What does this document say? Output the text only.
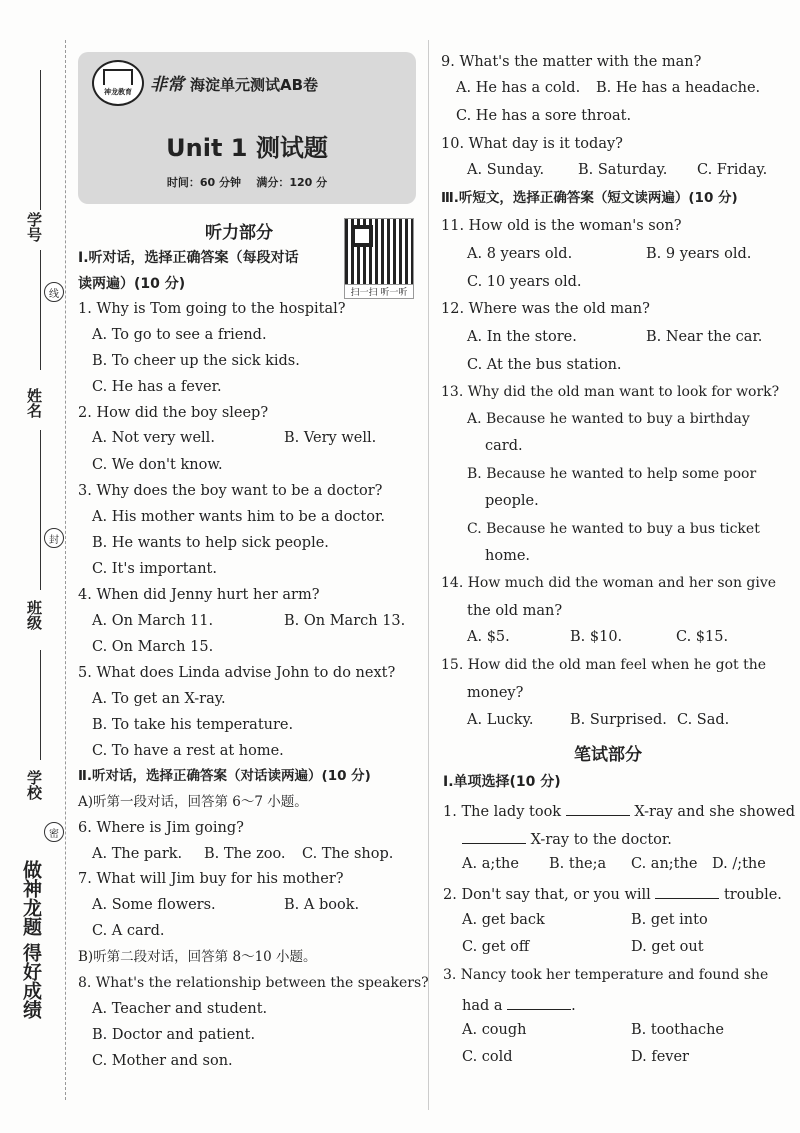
学号
线
姓名
封
班级
学校
密
做神龙题 得好成绩
神龙教育 非常 海淀单元测试AB卷
Unit 1 测试题
时间：60 分钟 满分：120 分
扫一扫 听一听
听力部分
Ⅰ.听对话，选择正确答案（每段对话
读两遍）(10 分)
1. Why is Tom going to the hospital?
A. To go to see a friend.
B. To cheer up the sick kids.
C. He has a fever.
2. How did the boy sleep?
A. Not very well.	B. Very well.
C. We don't know.
3. Why does the boy want to be a doctor?
A. His mother wants him to be a doctor.
B. He wants to help sick people.
C. It's important.
4. When did Jenny hurt her arm?
A. On March 11.	B. On March 13.
C. On March 15.
5. What does Linda advise John to do next?
A. To get an X-ray.
B. To take his temperature.
C. To have a rest at home.
Ⅱ.听对话，选择正确答案（对话读两遍）(10 分)
A)听第一段对话，回答第 6～7 小题。
6. Where is Jim going?
A. The park. B. The zoo. C. The shop.
7. What will Jim buy for his mother?
A. Some flowers.	B. A book.
C. A card.
B)听第二段对话，回答第 8～10 小题。
8. What's the relationship between the speakers?
A. Teacher and student.
B. Doctor and patient.
C. Mother and son.
9. What's the matter with the man?
A. He has a cold. B. He has a headache.
C. He has a sore throat.
10. What day is it today?
A. Sunday. B. Saturday. C. Friday.
Ⅲ.听短文，选择正确答案（短文读两遍）(10 分)
11. How old is the woman's son?
A. 8 years old.	B. 9 years old.
C. 10 years old.
12. Where was the old man?
A. In the store.	B. Near the car.
C. At the bus station.
13. Why did the old man want to look for work?
A. Because he wanted to buy a birthday
card.
B. Because he wanted to help some poor
people.
C. Because he wanted to buy a bus ticket
home.
14. How much did the woman and her son give
the old man?
A. $5.	B. $10.	C. $15.
15. How did the old man feel when he got the
money?
A. Lucky.	B. Surprised. C. Sad.
笔试部分
Ⅰ.单项选择(10 分)
1. The lady took	X-ray and she showed
X-ray to the doctor.
A. a;the B. the;a C. an;the D. /;the
2. Don't say that, or you will	trouble.
A. get back	B. get into
C. get off	D. get out
3. Nancy took her temperature and found she
had a	.
A. cough	B. toothache
C. cold	D. fever
